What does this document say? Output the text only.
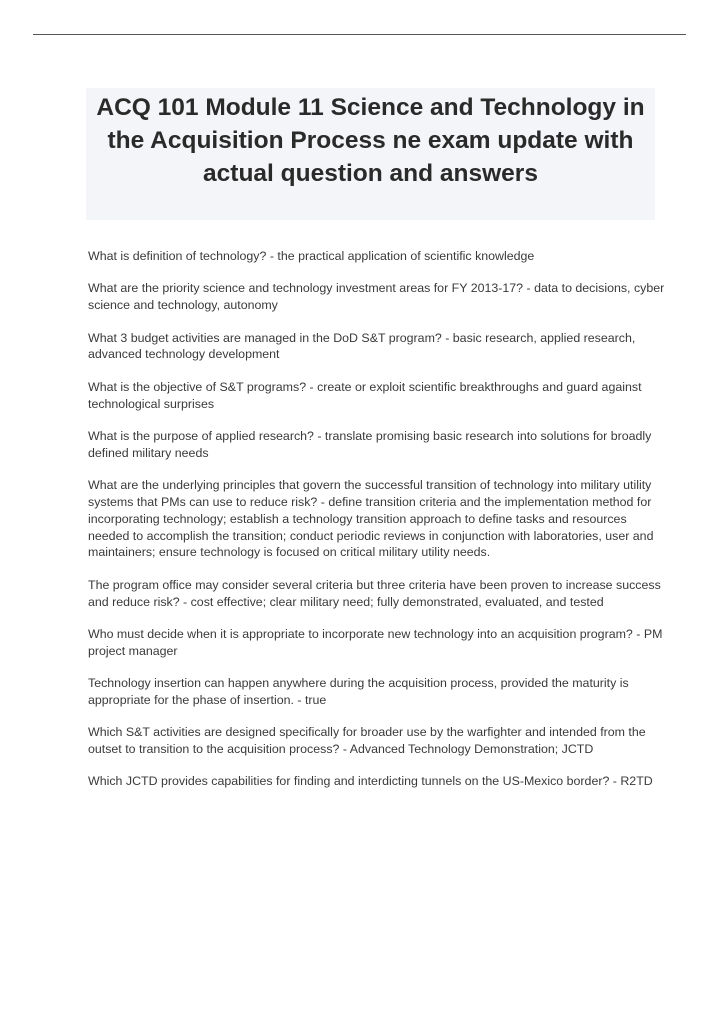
ACQ 101 Module 11 Science and Technology in the Acquisition Process ne exam update with actual question and answers
What is definition of technology? - the practical application of scientific knowledge
What are the priority science and technology investment areas for FY 2013-17? - data to decisions, cyber science and technology, autonomy
What 3 budget activities are managed in the DoD S&T program? - basic research, applied research, advanced technology development
What is the objective of S&T programs? - create or exploit scientific breakthroughs and guard against technological surprises
What is the purpose of applied research? - translate promising basic research into solutions for broadly defined military needs
What are the underlying principles that govern the successful transition of technology into military utility systems that PMs can use to reduce risk? - define transition criteria and the implementation method for incorporating technology; establish a technology transition approach to define tasks and resources needed to accomplish the transition; conduct periodic reviews in conjunction with laboratories, user and maintainers; ensure technology is focused on critical military utility needs.
The program office may consider several criteria but three criteria have been proven to increase success and reduce risk? - cost effective; clear military need; fully demonstrated, evaluated, and tested
Who must decide when it is appropriate to incorporate new technology into an acquisition program? - PM project manager
Technology insertion can happen anywhere during the acquisition process, provided the maturity is appropriate for the phase of insertion. - true
Which S&T activities are designed specifically for broader use by the warfighter and intended from the outset to transition to the acquisition process? - Advanced Technology Demonstration; JCTD
Which JCTD provides capabilities for finding and interdicting tunnels on the US-Mexico border? - R2TD
